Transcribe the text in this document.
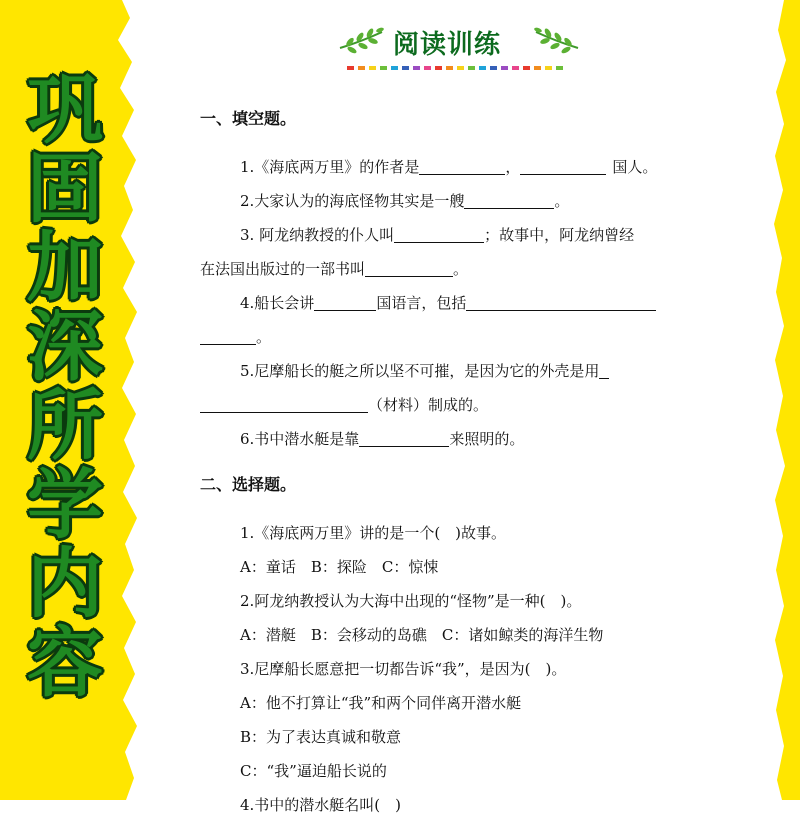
巩
固
加
深
所
学
内
容
阅读训练
一、填空题。
1.《海底两万里》的作者是	，	国人。
2.大家认为的海底怪物其实是一艘	。
3. 阿龙纳教授的仆人叫	；故事中，阿龙纳曾经
在法国出版过的一部书叫	。
4.船长会讲	国语言，包括
。
5.尼摩船长的艇之所以坚不可摧，是因为它的外壳是用
（材料）制成的。
6.书中潜水艇是靠	来照明的。
二、选择题。
1.《海底两万里》讲的是一个(　)故事。
A：童话　B：探险　C：惊悚
2.阿龙纳教授认为大海中出现的“怪物”是一种(　)。
A：潜艇　B：会移动的岛礁　C：诸如鲸类的海洋生物
3.尼摩船长愿意把一切都告诉“我”，是因为(　)。
A：他不打算让“我”和两个同伴离开潜水艇
B：为了表达真诚和敬意
C：“我”逼迫船长说的
4.书中的潜水艇名叫(　)
